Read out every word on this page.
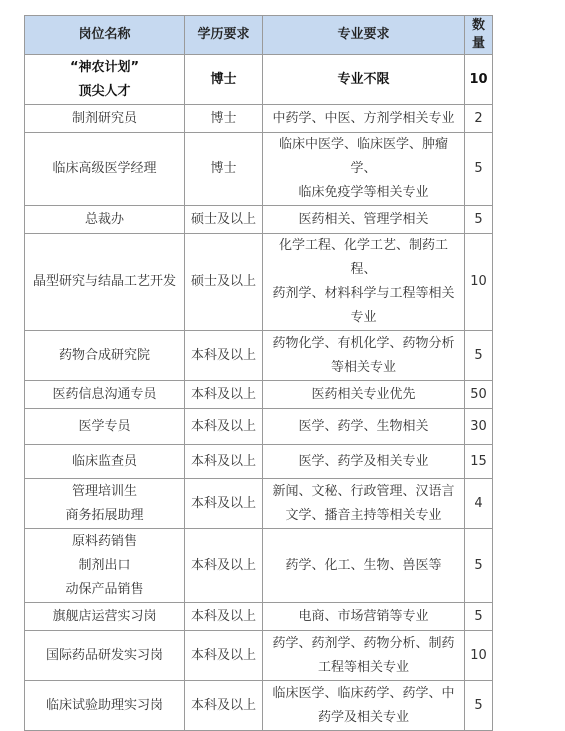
岗位名称	学历要求	专业要求	数量

“神农计划”
顶尖人才	博士	专业不限	10

制剂研究员	博士	中药学、中医、方剂学相关专业	2

临床高级医学经理	博士	临床中医学、临床医学、肿瘤学、
临床免疫学等相关专业	5

总裁办	硕士及以上	医药相关、管理学相关	5

晶型研究与结晶工艺开发	硕士及以上	化学工程、化学工艺、制药工程、
药剂学、材料科学与工程等相关
专业	10

药物合成研究院	本科及以上	药物化学、有机化学、药物分析
等相关专业	5

医药信息沟通专员	本科及以上	医药相关专业优先	50

医学专员	本科及以上	医学、药学、生物相关	30

临床监查员	本科及以上	医学、药学及相关专业	15

管理培训生
商务拓展助理	本科及以上	新闻、文秘、行政管理、汉语言
文学、播音主持等相关专业	4

原料药销售
制剂出口
动保产品销售	本科及以上	药学、化工、生物、兽医等	5

旗舰店运营实习岗	本科及以上	电商、市场营销等专业	5

国际药品研发实习岗	本科及以上	药学、药剂学、药物分析、制药
工程等相关专业	10

临床试验助理实习岗	本科及以上	临床医学、临床药学、药学、中
药学及相关专业	5
